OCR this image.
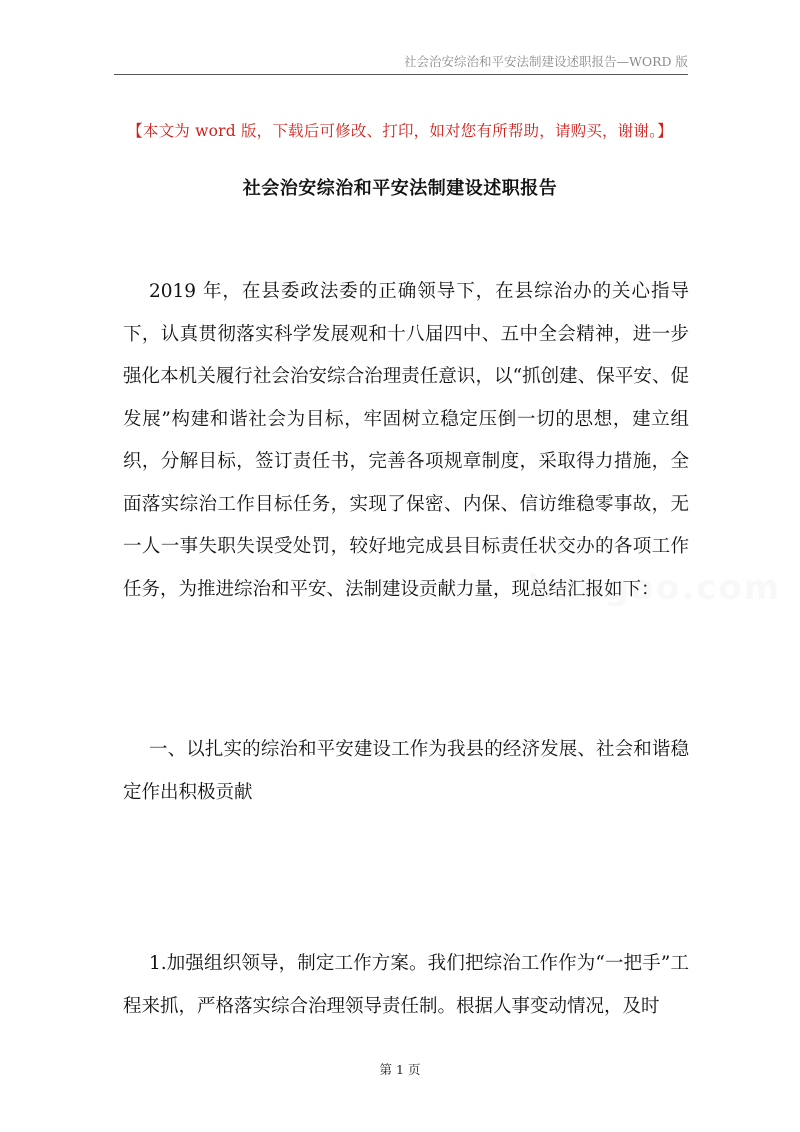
社会治安综治和平安法制建设述职报告—WORD 版
【本文为 word 版，下载后可修改、打印，如对您有所帮助，请购买，谢谢。】
社会治安综治和平安法制建设述职报告

2019 年，在县委政法委的正确领导下，在县综治办的关心指导下，认真贯彻落实科学发展观和十八届四中、五中全会精神，进一步强化本机关履行社会治安综合治理责任意识，以“抓创建、保平安、促发展”构建和谐社会为目标，牢固树立稳定压倒一切的思想，建立组织，分解目标，签订责任书，完善各项规章制度，采取得力措施，全面落实综治工作目标任务，实现了保密、内保、信访维稳零事故，无一人一事失职失误受处罚，较好地完成县目标责任状交办的各项工作任务，为推进综治和平安、法制建设贡献力量，现总结汇报如下：

一、以扎实的综治和平安建设工作为我县的经济发展、社会和谐稳定作出积极贡献

1.加强组织领导，制定工作方案。我们把综治工作作为“一把手”工程来抓，严格落实综合治理领导责任制。根据人事变动情况，及时

baogao.com
第 1 页
